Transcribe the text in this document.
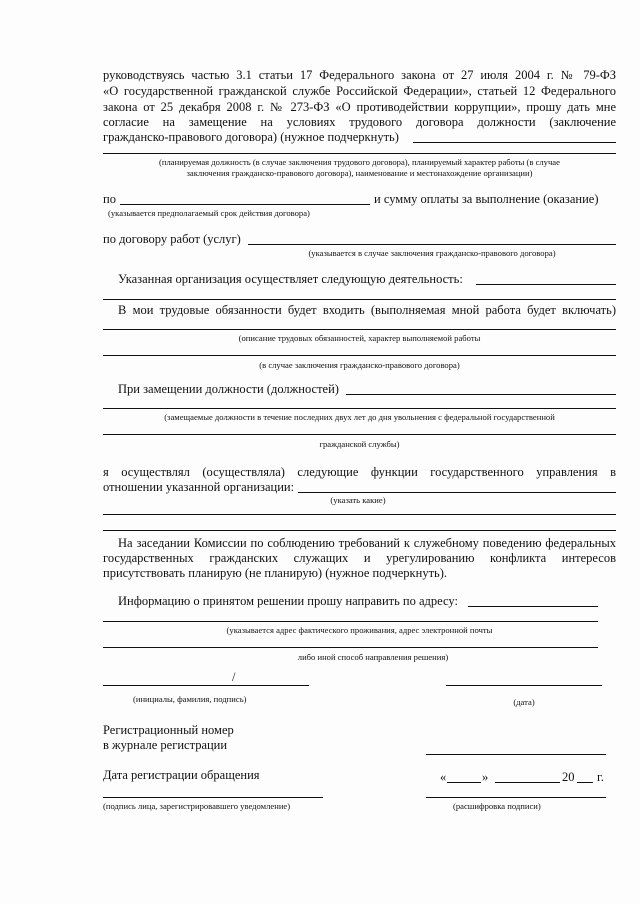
руководствуясь частью 3.1 статьи 17 Федерального закона от 27 июля 2004 г. № 79-ФЗ
«О государственной гражданской службе Российской Федерации», статьей 12 Федерального
закона от 25 декабря 2008 г. № 273-ФЗ «О противодействии коррупции», прошу дать мне
согласие на замещение на условиях трудового договора должности (заключение
гражданско-правового договора) (нужное подчеркнуть)
(планируемая должность (в случае заключения трудового договора), планируемый характер работы (в случае
заключения гражданско-правового договора), наименование и местонахождение организации)
по	и сумму оплаты за выполнение (оказание)
(указывается предполагаемый срок действия договора)
по договору работ (услуг)
(указывается в случае заключения гражданско-правового договора)
Указанная организация осуществляет следующую деятельность:
В мои трудовые обязанности будет входить (выполняемая мной работа будет включать)
(описание трудовых обязанностей, характер выполняемой работы
(в случае заключения гражданско-правового договора)
При замещении должности (должностей)
(замещаемые должности в течение последних двух лет до дня увольнения с федеральной государственной
гражданской службы)
я осуществлял (осуществляла) следующие функции государственного управления в
отношении указанной организации:
(указать какие)
На заседании Комиссии по соблюдению требований к служебному поведению федеральных
государственных гражданских служащих и урегулированию конфликта интересов
присутствовать планирую (не планирую) (нужное подчеркнуть).
Информацию о принятом решении прошу направить по адресу:
(указывается адрес фактического проживания, адрес электронной почты
либо иной способ направления решения)
/
(инициалы, фамилия, подпись)	(дата)
Регистрационный номер
в журнале регистрации
Дата регистрации обращения	«	»	20 г.
(подпись лица, зарегистрировавшего уведомление)	(расшифровка подписи)
